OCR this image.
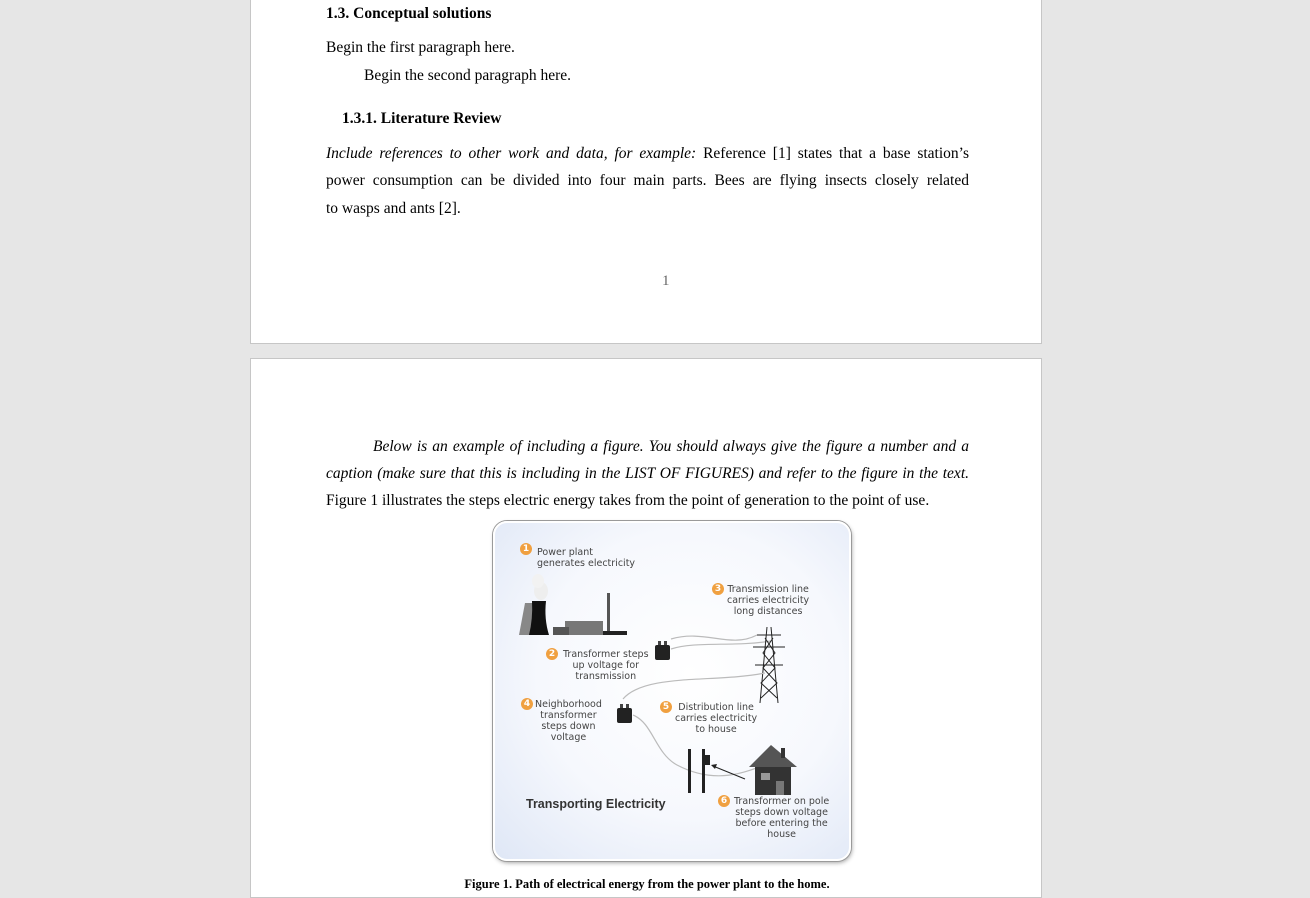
1.3. Conceptual solutions
Begin the first paragraph here.
Begin the second paragraph here.
1.3.1. Literature Review
Include references to other work and data, for example: Reference [1] states that a base station’s
power consumption can be divided into four main parts. Bees are flying insects closely related
to wasps and ants [2].
1
Below is an example of including a figure. You should always give the figure a number and a
caption (make sure that this is including in the LIST OF FIGURES) and refer to the figure in the text.
Figure 1 illustrates the steps electric energy takes from the point of generation to the point of use.
1 Power plant
generates electricity
2 Transformer steps
up voltage for
transmission
3 Transmission line
carries electricity
long distances
4 Neighborhood
transformer
steps down
voltage
5 Distribution line
carries electricity
to house
6 Transformer on pole
steps down voltage
before entering the
house
Transporting Electricity
Figure 1. Path of electrical energy from the power plant to the home.
